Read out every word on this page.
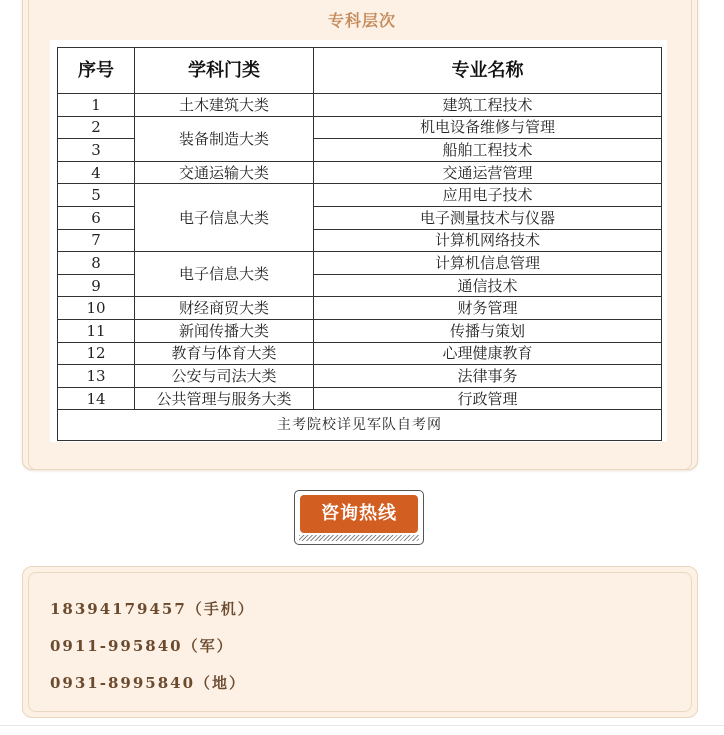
专科层次
序号	学科门类	专业名称
1	土木建筑大类	建筑工程技术
2	装备制造大类	机电设备维修与管理
3		船舶工程技术
4	交通运输大类	交通运营管理
5	电子信息大类	应用电子技术
6		电子测量技术与仪器
7		计算机网络技术
8	电子信息大类	计算机信息管理
9		通信技术
10	财经商贸大类	财务管理
11	新闻传播大类	传播与策划
12	教育与体育大类	心理健康教育
13	公安与司法大类	法律事务
14	公共管理与服务大类	行政管理
主考院校详见军队自考网		
咨询热线
18394179457（手机）
0911-995840（军）
0931-8995840（地）
